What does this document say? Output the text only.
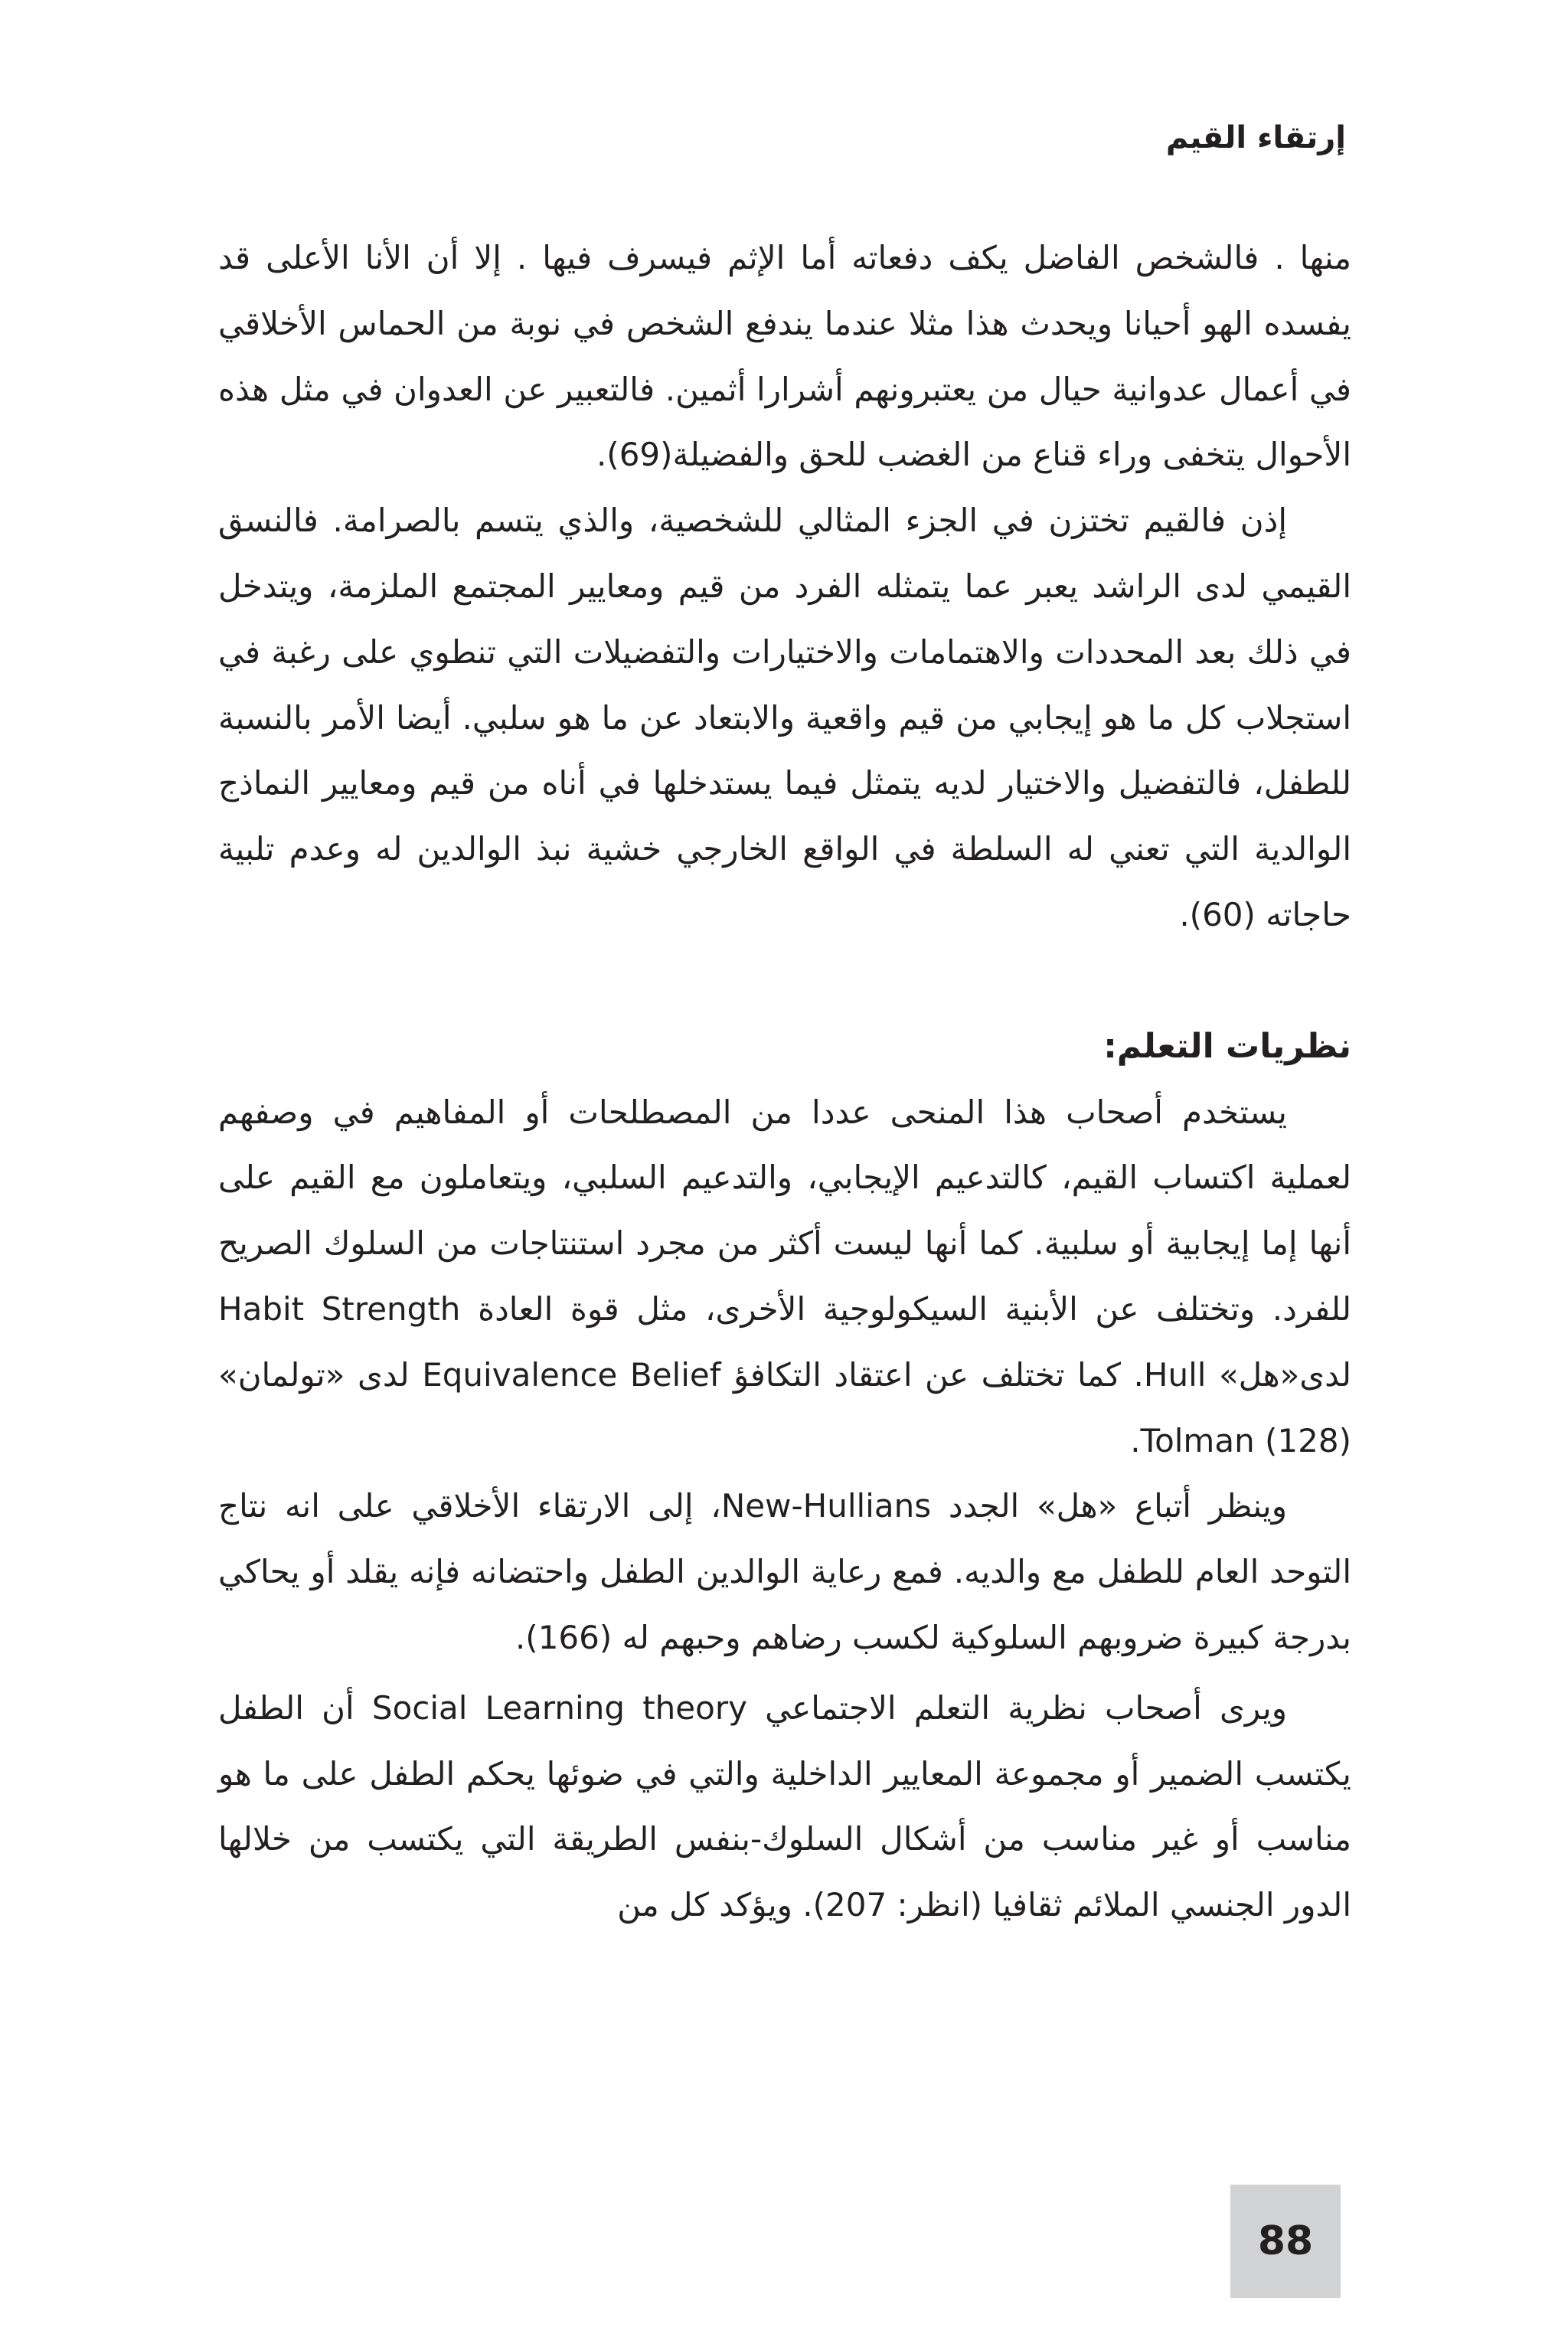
إرتقاء القيم

منها . فالشخص الفاضل يكف دفعاته أما الإثم فيسرف فيها . إلا أن الأنا الأعلى قد يفسده الهو أحيانا ويحدث هذا مثلا عندما يندفع الشخص في نوبة من الحماس الأخلاقي في أعمال عدوانية حيال من يعتبرونهم أشرارا أثمين. فالتعبير عن العدوان في مثل هذه الأحوال يتخفى وراء قناع من الغضب للحق والفضيلة(69).

إذن فالقيم تختزن في الجزء المثالي للشخصية، والذي يتسم بالصرامة. فالنسق القيمي لدى الراشد يعبر عما يتمثله الفرد من قيم ومعايير المجتمع الملزمة، ويتدخل في ذلك بعد المحددات والاهتمامات والاختيارات والتفضيلات التي تنطوي على رغبة في استجلاب كل ما هو إيجابي من قيم واقعية والابتعاد عن ما هو سلبي. أيضا الأمر بالنسبة للطفل، فالتفضيل والاختيار لديه يتمثل فيما يستدخلها في أناه من قيم ومعايير النماذج الوالدية التي تعني له السلطة في الواقع الخارجي خشية نبذ الوالدين له وعدم تلبية حاجاته (60).

نظريات التعلم:

يستخدم أصحاب هذا المنحى عددا من المصطلحات أو المفاهيم في وصفهم لعملية اكتساب القيم، كالتدعيم الإيجابي، والتدعيم السلبي، ويتعاملون مع القيم على أنها إما إيجابية أو سلبية. كما أنها ليست أكثر من مجرد استنتاجات من السلوك الصريح للفرد. وتختلف عن الأبنية السيكولوجية الأخرى، مثل قوة العادة Habit Strength لدى«هل» Hull. كما تختلف عن اعتقاد التكافؤ Equivalence Belief لدى «تولمان» Tolman (128).

وينظر أتباع «هل» الجدد New-Hullians، إلى الارتقاء الأخلاقي على انه نتاج التوحد العام للطفل مع والديه. فمع رعاية الوالدين الطفل واحتضانه فإنه يقلد أو يحاكي بدرجة كبيرة ضروبهم السلوكية لكسب رضاهم وحبهم له (166).

ويرى أصحاب نظرية التعلم الاجتماعي Social Learning theory أن الطفل يكتسب الضمير أو مجموعة المعايير الداخلية والتي في ضوئها يحكم الطفل على ما هو مناسب أو غير مناسب من أشكال السلوك-بنفس الطريقة التي يكتسب من خلالها الدور الجنسي الملائم ثقافيا (انظر: 207). ويؤكد كل من

88
